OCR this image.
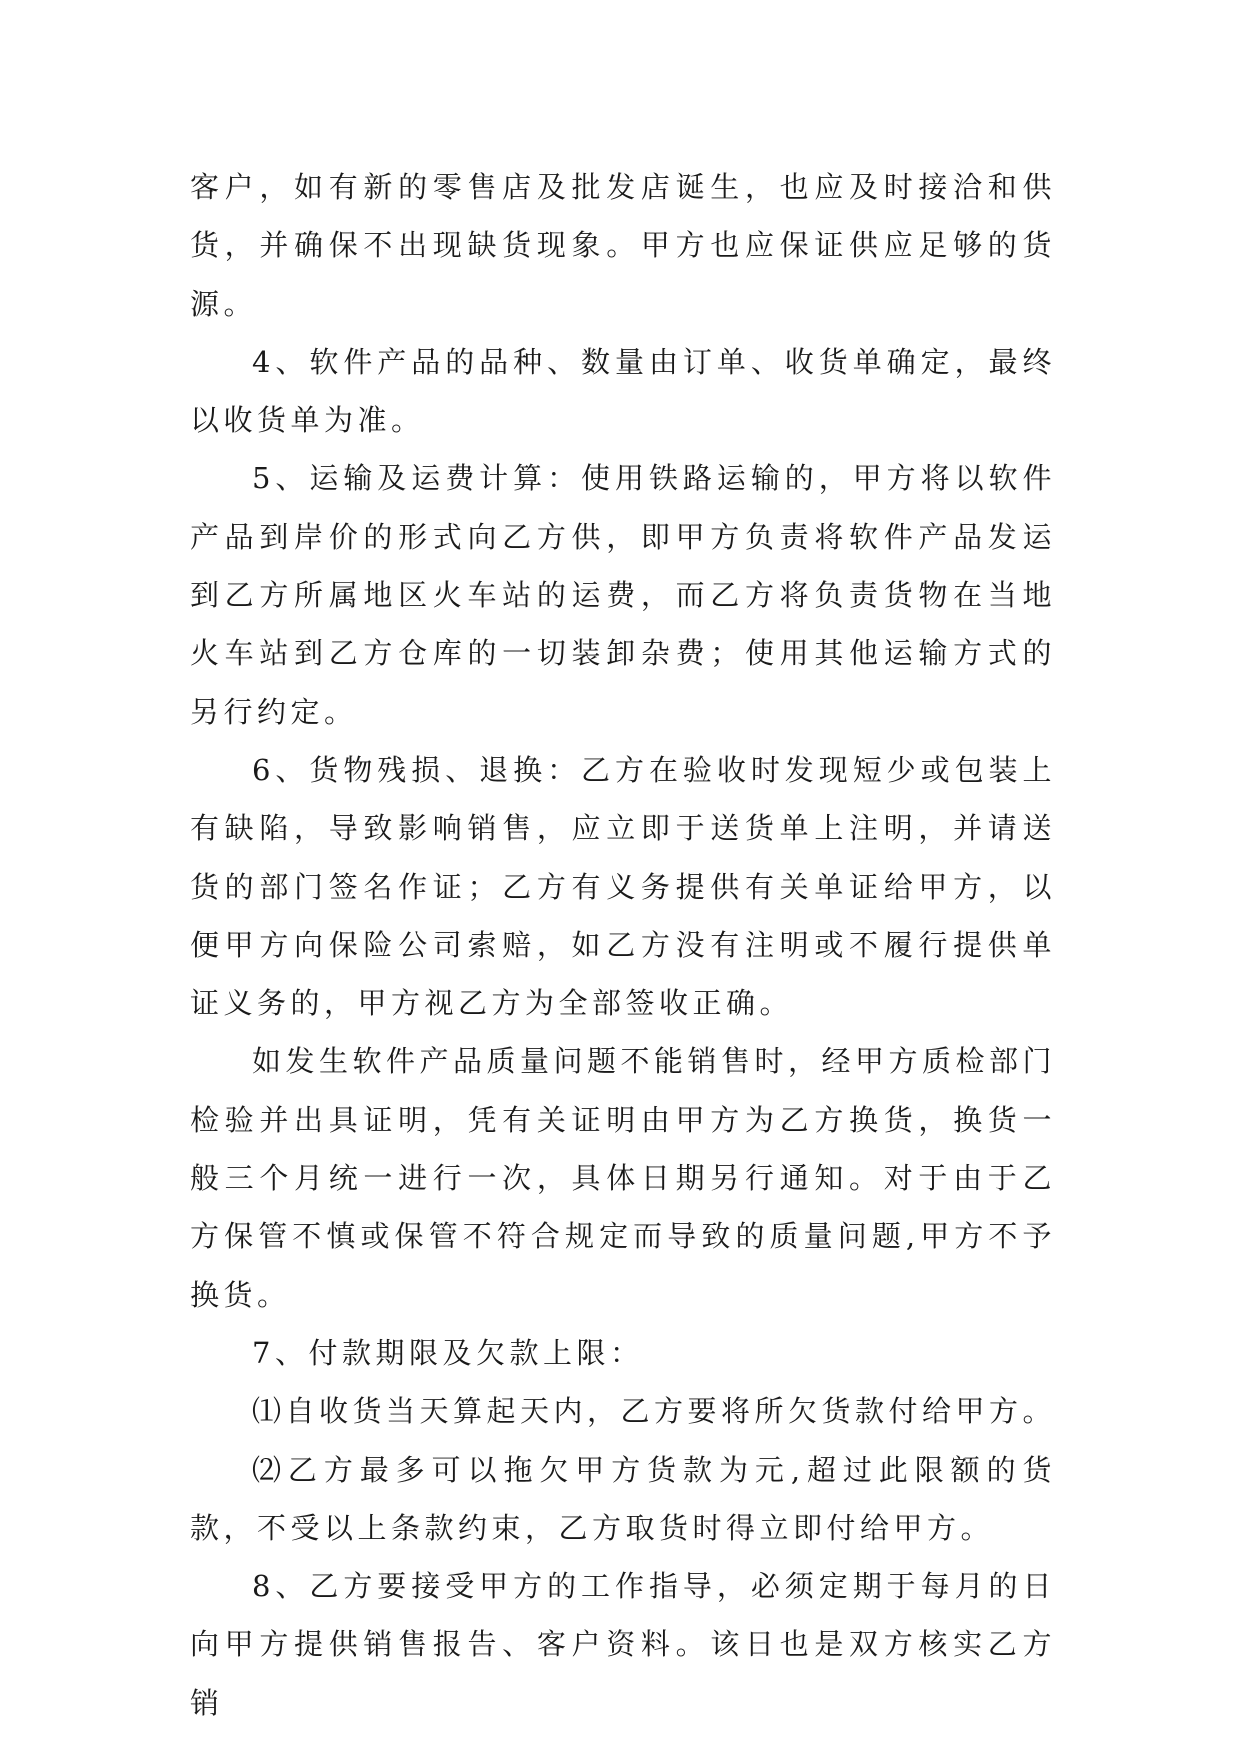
客户，如有新的零售店及批发店诞生，也应及时接洽和供货，并确保不出现缺货现象。甲方也应保证供应足够的货源。

4、软件产品的品种、数量由订单、收货单确定，最终以收货单为准。

5、运输及运费计算：使用铁路运输的，甲方将以软件产品到岸价的形式向乙方供，即甲方负责将软件产品发运到乙方所属地区火车站的运费，而乙方将负责货物在当地火车站到乙方仓库的一切装卸杂费；使用其他运输方式的另行约定。

6、货物残损、退换：乙方在验收时发现短少或包装上有缺陷，导致影响销售，应立即于送货单上注明，并请送货的部门签名作证；乙方有义务提供有关单证给甲方，以便甲方向保险公司索赔，如乙方没有注明或不履行提供单证义务的，甲方视乙方为全部签收正确。

如发生软件产品质量问题不能销售时，经甲方质检部门检验并出具证明，凭有关证明由甲方为乙方换货，换货一般三个月统一进行一次，具体日期另行通知。对于由于乙方保管不慎或保管不符合规定而导致的质量问题,甲方不予换货。

7、付款期限及欠款上限：

⑴自收货当天算起天内，乙方要将所欠货款付给甲方。

⑵乙方最多可以拖欠甲方货款为元,超过此限额的货款，不受以上条款约束，乙方取货时得立即付给甲方。

8、乙方要接受甲方的工作指导，必须定期于每月的日向甲方提供销售报告、客户资料。该日也是双方核实乙方销
